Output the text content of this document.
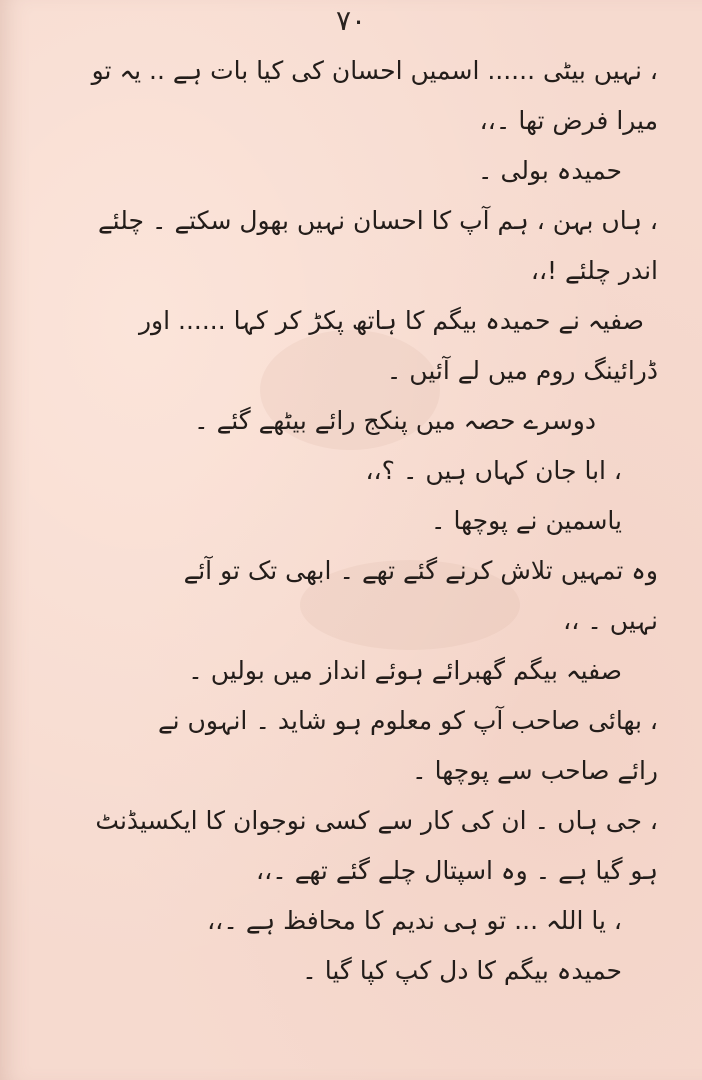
۷۰
، نہیں بیٹی ...... اسمیں احسان کی کیا بات ہے .. یہ تو
میرا فرض تھا ۔،،
حمیدہ بولی ۔
، ہاں بہن ، ہم آپ کا احسان نہیں بھول سکتے ۔ چلئے
اندر چلئے !،،
صفیہ نے حمیدہ بیگم کا ہاتھ پکڑ کر کہا ...... اور
ڈرائینگ روم میں لے آئیں ۔
دوسرے حصہ میں پنکج رائے بیٹھے گئے ۔
، ابا جان کہاں ہیں ۔ ؟،،
یاسمین نے پوچھا ۔
وہ تمہیں تلاش کرنے گئے تھے ۔ ابھی تک تو آئے
نہیں ۔ ،،
صفیہ بیگم گھبرائے ہوئے انداز میں بولیں ۔
، بھائی صاحب آپ کو معلوم ہو شاید ۔ انہوں نے
رائے صاحب سے پوچھا ۔
، جی ہاں ۔ ان کی کار سے کسی نوجوان کا ایکسیڈنٹ
ہو گیا ہے ۔ وہ اسپتال چلے گئے تھے ۔،،
، یا اللہ ... تو ہی ندیم کا محافظ ہے ۔،،
حمیدہ بیگم کا دل کپ کپا گیا ۔
